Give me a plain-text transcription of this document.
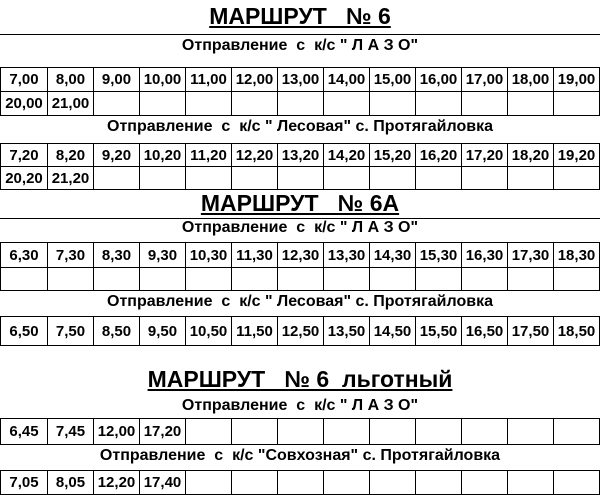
МАРШРУТ   № 6
Отправление  с  к/с " Л А З О"
7,00	8,00	9,00	10,00	11,00	12,00	13,00	14,00	15,00	16,00	17,00	18,00	19,00
20,00	21,00											
Отправление  с  к/с " Лесовая" с. Протягайловка
7,20	8,20	9,20	10,20	11,20	12,20	13,20	14,20	15,20	16,20	17,20	18,20	19,20
20,20	21,20											
МАРШРУТ   № 6А
Отправление  с  к/с " Л А З О"
6,30	7,30	8,30	9,30	10,30	11,30	12,30	13,30	14,30	15,30	16,30	17,30	18,30

Отправление  с  к/с " Лесовая" с. Протягайловка
6,50	7,50	8,50	9,50	10,50	11,50	12,50	13,50	14,50	15,50	16,50	17,50	18,50
МАРШРУТ   № 6  льготный
Отправление  с  к/с " Л А З О"
6,45	7,45	12,00	17,20									
Отправление  с  к/с "Совхозная" с. Протягайловка
7,05	8,05	12,20	17,40									
